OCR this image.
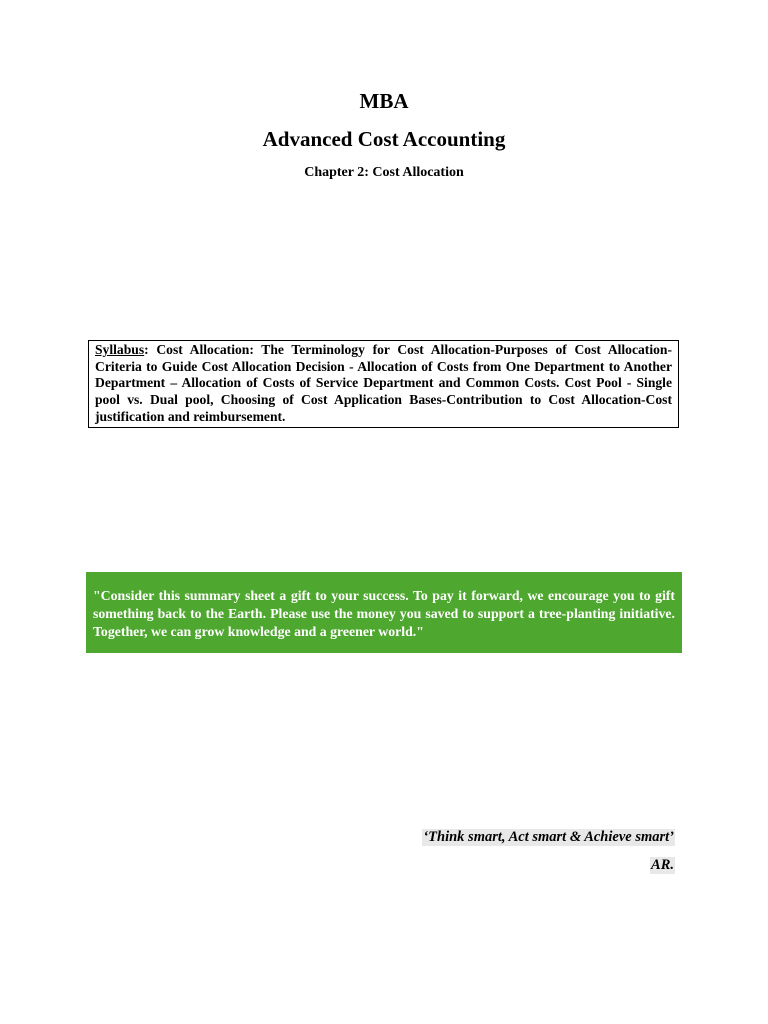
MBA
Advanced Cost Accounting
Chapter 2: Cost Allocation
Syllabus: Cost Allocation: The Terminology for Cost Allocation-Purposes of Cost Allocation- Criteria to Guide Cost Allocation Decision - Allocation of Costs from One Department to Another Department – Allocation of Costs of Service Department and Common Costs. Cost Pool - Single pool vs. Dual pool, Choosing of Cost Application Bases-Contribution to Cost Allocation-Cost justification and reimbursement.
"Consider this summary sheet a gift to your success. To pay it forward, we encourage you to gift something back to the Earth. Please use the money you saved to support a tree-planting initiative. Together, we can grow knowledge and a greener world."
‘Think smart, Act smart & Achieve smart’
AR.
